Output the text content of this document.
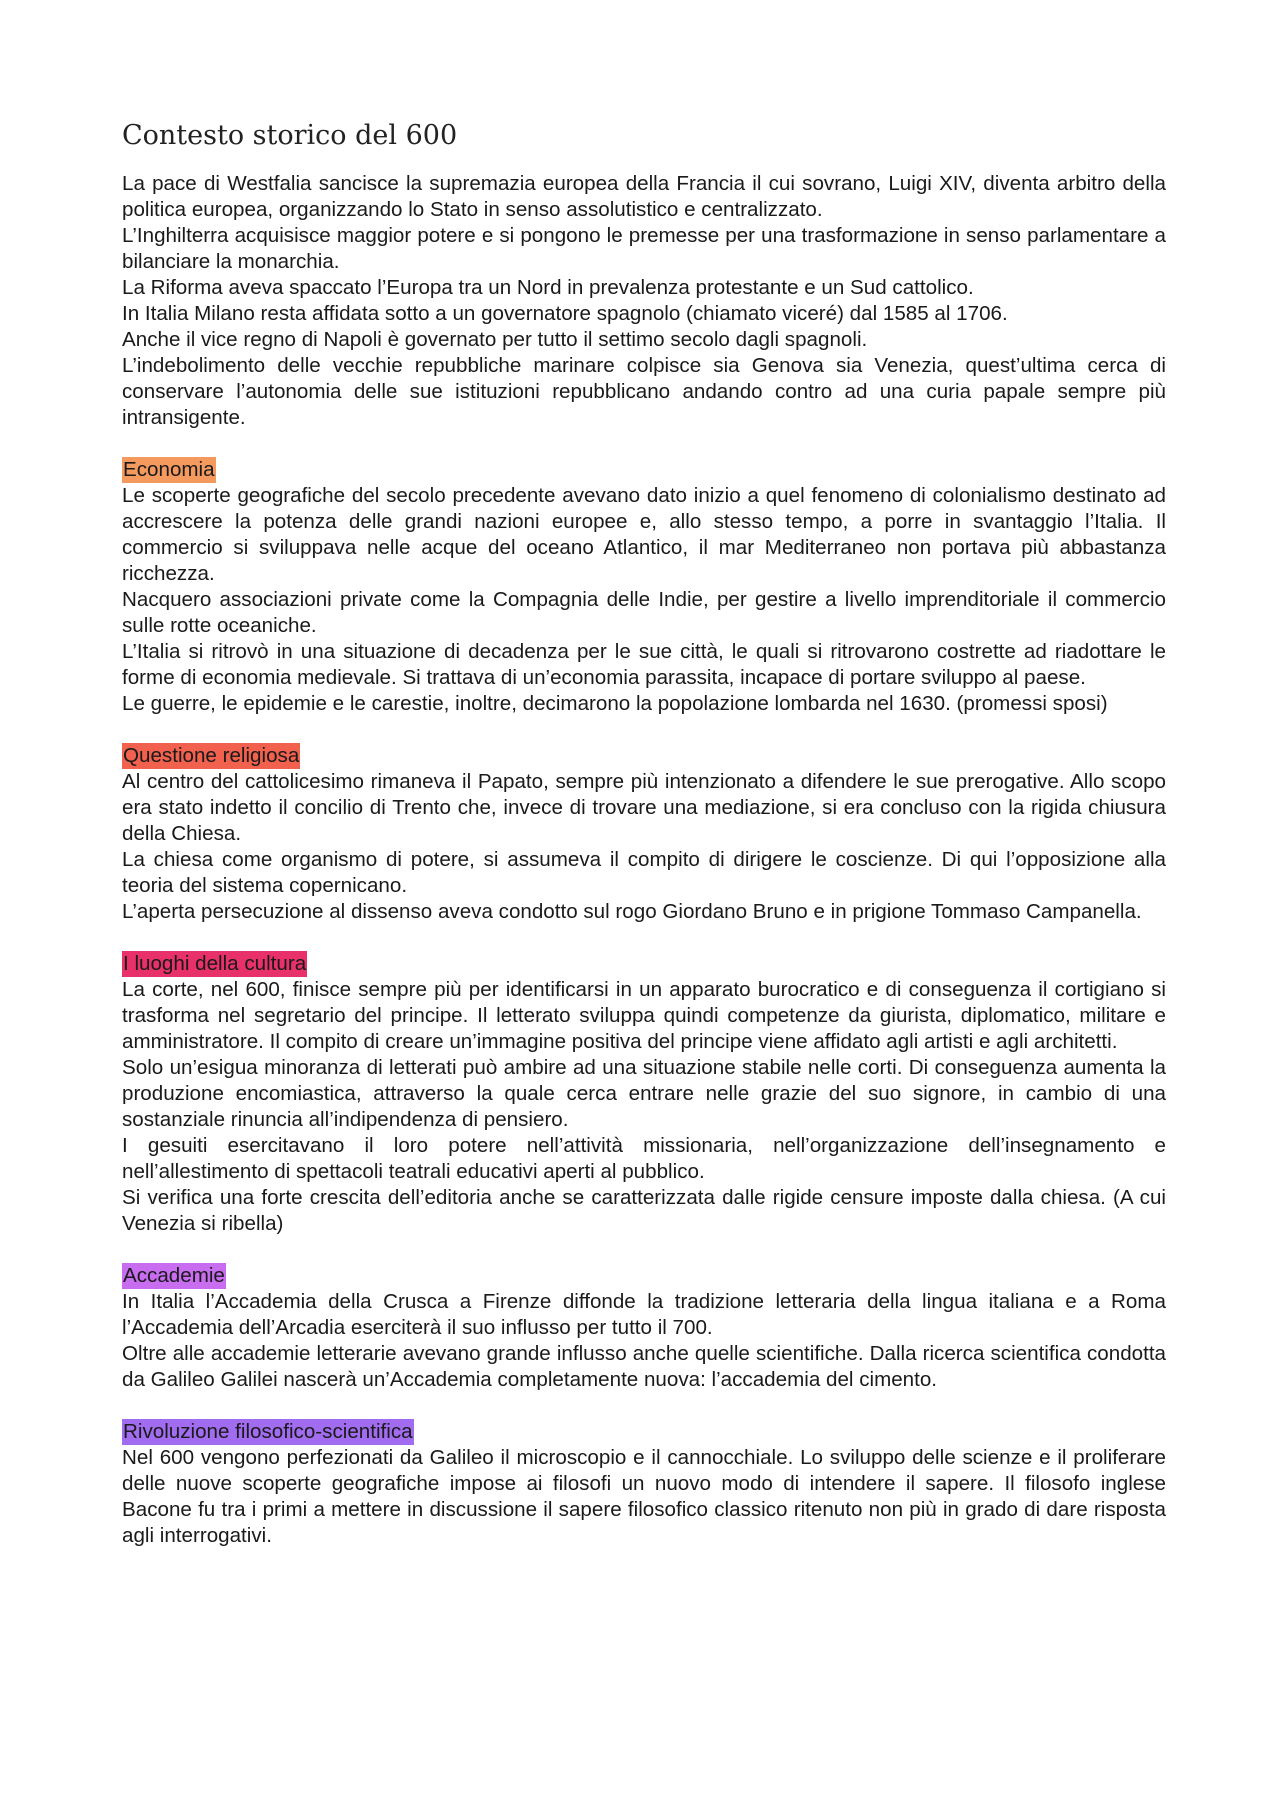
Contesto storico del 600

La pace di Westfalia sancisce la supremazia europea della Francia il cui sovrano, Luigi XIV, diventa arbitro della politica europea, organizzando lo Stato in senso assolutistico e centralizzato.

L’Inghilterra acquisisce maggior potere e si pongono le premesse per una trasformazione in senso parlamentare a bilanciare la monarchia.

La Riforma aveva spaccato l’Europa tra un Nord in prevalenza protestante e un Sud cattolico.

In Italia Milano resta affidata sotto a un governatore spagnolo (chiamato viceré) dal 1585 al 1706.

Anche il vice regno di Napoli è governato per tutto il settimo secolo dagli spagnoli.

L’indebolimento delle vecchie repubbliche marinare colpisce sia Genova sia Venezia, quest’ultima cerca di conservare l’autonomia delle sue istituzioni repubblicano andando contro ad una curia papale sempre più intransigente.

Economia

Le scoperte geografiche del secolo precedente avevano dato inizio a quel fenomeno di colonialismo destinato ad accrescere la potenza delle grandi nazioni europee e, allo stesso tempo, a porre in svantaggio l’Italia. Il commercio si sviluppava nelle acque del oceano Atlantico, il mar Mediterraneo non portava più abbastanza ricchezza.

Nacquero associazioni private come la Compagnia delle Indie, per gestire a livello imprenditoriale il commercio sulle rotte oceaniche.

L’Italia si ritrovò in una situazione di decadenza per le sue città, le quali si ritrovarono costrette ad riadottare le forme di economia medievale. Si trattava di un’economia parassita, incapace di portare sviluppo al paese.

Le guerre, le epidemie e le carestie, inoltre, decimarono la popolazione lombarda nel 1630. (promessi sposi)

Questione religiosa

Al centro del cattolicesimo rimaneva il Papato, sempre più intenzionato a difendere le sue prerogative. Allo scopo era stato indetto il concilio di Trento che, invece di trovare una mediazione, si era concluso con la rigida chiusura della Chiesa.

La chiesa come organismo di potere, si assumeva il compito di dirigere le coscienze. Di qui l’opposizione alla teoria del sistema copernicano.

L’aperta persecuzione al dissenso aveva condotto sul rogo Giordano Bruno e in prigione Tommaso Campanella.

I luoghi della cultura

La corte, nel 600, finisce sempre più per identificarsi in un apparato burocratico e di conseguenza il cortigiano si trasforma nel segretario del principe. Il letterato sviluppa quindi competenze da giurista, diplomatico, militare e amministratore. Il compito di creare un’immagine positiva del principe viene affidato agli artisti e agli architetti.

Solo un’esigua minoranza di letterati può ambire ad una situazione stabile nelle corti. Di conseguenza aumenta la produzione encomiastica, attraverso la quale cerca entrare nelle grazie del suo signore, in cambio di una sostanziale rinuncia all’indipendenza di pensiero.

I gesuiti esercitavano il loro potere nell’attività missionaria, nell’organizzazione dell’insegnamento e nell’allestimento di spettacoli teatrali educativi aperti al pubblico.

Si verifica una forte crescita dell’editoria anche se caratterizzata dalle rigide censure imposte dalla chiesa. (A cui Venezia si ribella)

Accademie

In Italia l’Accademia della Crusca a Firenze diffonde la tradizione letteraria della lingua italiana e a Roma l’Accademia dell’Arcadia eserciterà il suo influsso per tutto il 700.

Oltre alle accademie letterarie avevano grande influsso anche quelle scientifiche. Dalla ricerca scientifica condotta da Galileo Galilei nascerà un’Accademia completamente nuova: l’accademia del cimento.

Rivoluzione filosofico-scientifica

Nel 600 vengono perfezionati da Galileo il microscopio e il cannocchiale. Lo sviluppo delle scienze e il proliferare delle nuove scoperte geografiche impose ai filosofi un nuovo modo di intendere il sapere. Il filosofo inglese Bacone fu tra i primi a mettere in discussione il sapere filosofico classico ritenuto non più in grado di dare risposta agli interrogativi.
